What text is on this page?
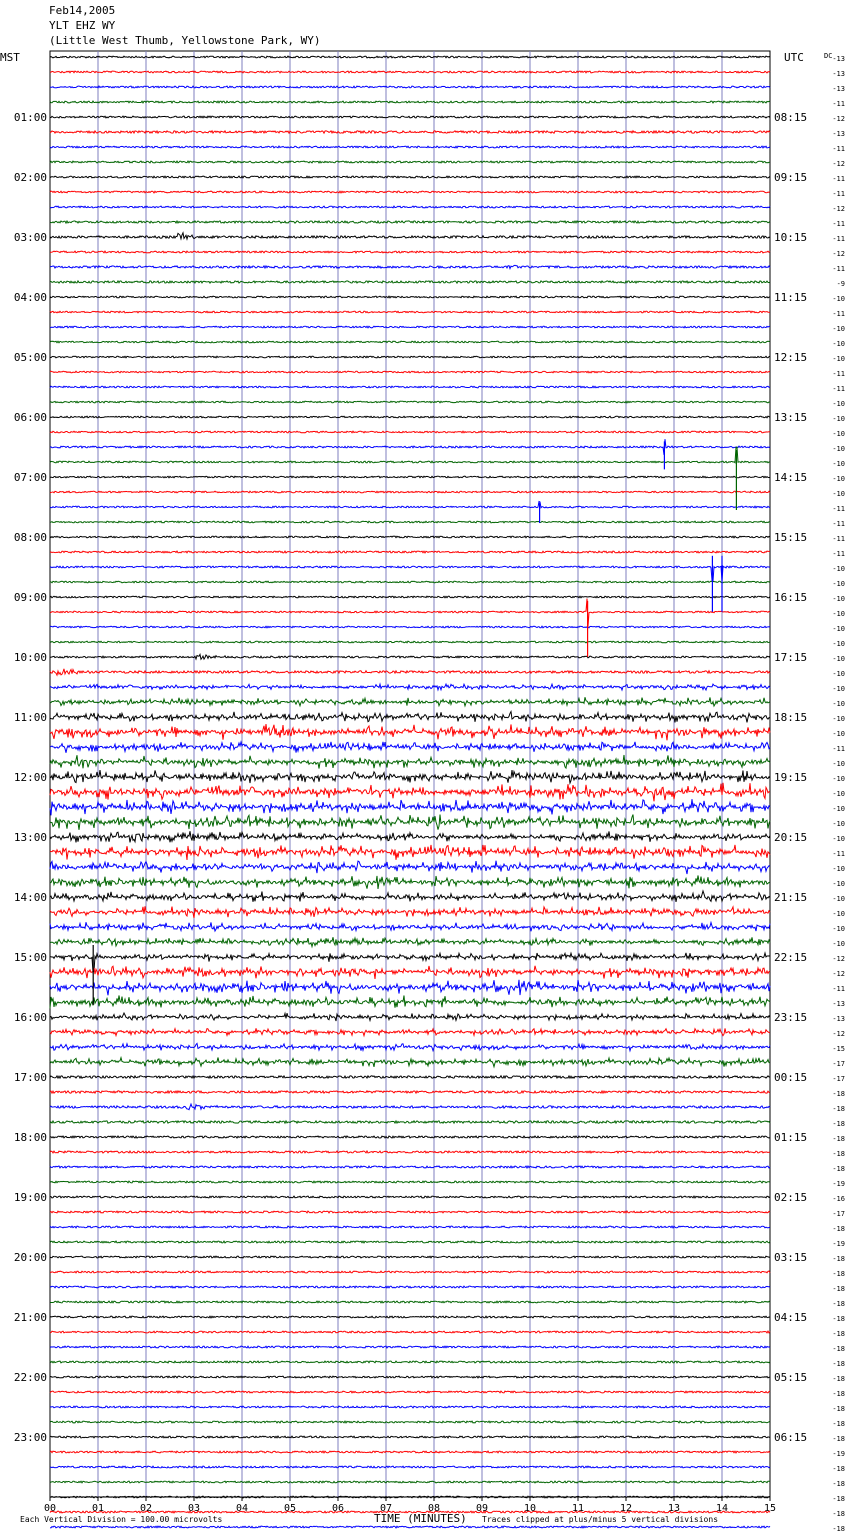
Feb14,2005
YLT EHZ WY
(Little West Thumb, Yellowstone Park, WY)
MST	UTC	DC
01:00
02:00
03:00
04:00
05:00
06:00
07:00
08:00
09:00
10:00
11:00
12:00
13:00
14:00
15:00
16:00
17:00
18:00
19:00
20:00
21:00
22:00
23:00
08:15
09:15
10:15
11:15
12:15
13:15
14:15
15:15
16:15
17:15
18:15
19:15
20:15
21:15
22:15
23:15
00:15
01:15
02:15
03:15
04:15
05:15
06:15
-13
-13
-13
-11
-12
-13
-11
-12
-11
-11
-12
-11
-11
-12
-11
-9
-10
-11
-10
-10
-10
-11
-11
-10
-10
-10
-10
-10
-10
-10
-11
-11
-11
-11
-10
-10
-10
-10
-10
-10
-10
-10
-10
-10
-10
-10
-11
-10
-10
-10
-10
-10
-10
-11
-10
-10
-10
-10
-10
-10
-12
-12
-11
-13
-13
-12
-15
-17
-17
-18
-18
-18
-18
-18
-18
-19
-16
-17
-18
-19
-18
-18
-18
-18
-18
-18
-18
-18
-18
-18
-18
-18
-18
-19
-18
-18
-18
-18
-18
00	01	02	03	04	05	06	07	08	09	10	11	12	13	14	15
Each Vertical Division = 100.00 microvolts	TIME (MINUTES) Traces clipped at plus/minus 5 vertical divisions
